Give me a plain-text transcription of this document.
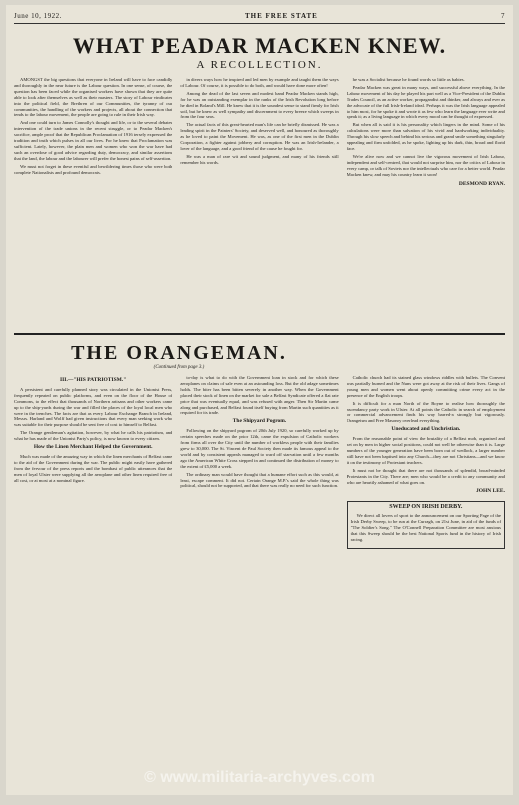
June 10, 1922.	THE FREE STATE	7
WHAT PEADAR MACKEN KNEW.
A RECOLLECTION.

AMONGST the big questions that everyone in Ireland will have to face candidly and thoroughly in the near future is the Labour question. In one sense, of course, the question has been faced while the organised workers have shown that they are quite able to look after themselves as well as their masters. The story of Labour vindicates into the political field, the Brethren of our Communities, the tyranny of our communities, the handling of the workers and projects, all about the connection that tends to the labour movement, the people are going to rule in their Irish way.

And one could turn to James Connolly's thought and life, or to the several debates intervention of the trade unions in the recent struggle, or to Peadar Macken's sacrifice, ample proof that the Republican Proclamation of 1916 tersely expressed the tradition and truth which pulses in all our lives. For he knew that Proclamation was sufficient. Lately, however, the plain men and women who won the war have had such an overdose of good advice regarding duty, democracy, and similar assertions that the land, the labour and the labourer will prefer the honest pains of self-assertion.

We must not forget in these eventful and bewildering times those who were both complete Nationalists and profound democrats.

in divers ways how he inspired and led men by example and taught them the ways of Labour. Of course, it is possible to do both, and would have done more often!

Among the dead of the last seven and modest band Peadar Macken stands high, for he was an outstanding exemplar in the ranks of the Irish Revolution long before he died in Boland's Mill. He knew that it is the soundest sense to stand firmly for Irish soil, but he knew as well sympathy and discernment to every breeze which sweeps in from the four seas.

The actual facts of this great-hearted man's life can be briefly dismissed. He was a leading spirit in the Painters' Society, and deserved well, and honoured as thoroughly as he loved to paint the Movement. He was, as one of the first men in the Dublin Corporation, a fighter against jobbery and corruption. He was an Irish-Irelander, a lover of the language, and a good friend of the cause he fought for.

He was a man of rare wit and sound judgment, and many of his friends still remember his words.

he was a Socialist because he found words so little as babies.

Peadar Macken was great in many ways, and successful above everything. In the Labour movement of his day he played his part well as a Vice-President of the Dublin Trades Council, as an active worker, propagandist and thinker, and always and ever as the advocate of the full Irish-Ireland ideal. Perhaps it was the Irish language appealed to him most, for he spoke it and wrote it as few who learn the language ever write and speak it; as a living language in which every mood can be thought of expressed.

But when all is said it is his personality which lingers in the mind. Some of his calculations were more than salvation of his vivid and hardworking individuality. Through his slow speech and behind his serious and grand smile something singularly appealing and firm unfolded, as he spoke, lighting up his dark, thin, broad and florid face.

We're alive now and we cannot live the vigorous movement of Irish Labour, independent and self-centred, that would not surprise him, nor the critics of Labour in every camp, or talk of Soviets nor the intellectuals who care for a better world. Peadar Macken knew, and may his country learn it soon!

DESMOND RYAN.
THE ORANGEMAN.
(Continued from page 3.)

III.—"HIS PATRIOTISM."

A persistent and carefully planned story was circulated in the Unionist Press, frequently repeated on public platforms, and even on the floor of the House of Commons, to the effect that thousands of Northern artisans and other workers came up to the ship-yards during the war and filled the places of the loyal local men who were in the trenches. The facts are that as every Labour Exchange Branch in Ireland, Messrs. Harland and Wolff had given instructions that every man seeking work who was suitable for their purpose should be sent free of cost to himself to Belfast.

The Orange gentleman's agitation, however, by what he calls his patriotism, and what he has made of the Unionist Party's policy, is now known to every citizen.

How the Linen Merchant Helped the Government.

Much was made of the amazing way in which the linen merchants of Belfast came to the aid of the Government during the war. The public might easily have gathered from the fervour of the press reports and the bombast of public utterances that the men of loyal Ulster were supplying all the aeroplane and other linen required free of all cost, or at most at a nominal figure.

to-day is what to do with the Government loan in stock and for which these aeroplanes on claims of sale even at an astounding loss. But the old adage sometimes holds. The biter has been bitten severely in another way. When the Government placed their stock of linen on the market for sale a Belfast Syndicate offered a flat rate price that was eventually equal, and was refused with anger. Then Sir Martin came along and purchased, and Belfast found itself buying from Martin such quantities as it required for its trade.

The Shipyard Pogrom.

Following on the shipyard pogrom of 20th July 1920, so carefully worked up by certain speeches made on the prior 12th, came the expulsion of Catholic workers from firms all over the City until the number of workless people with their families grew to 30,000. The St. Vincent de Paul Society then made its famous appeal to the world and by consistent appeals managed to ward off starvation until a few months ago the American White Cross stepped in and continued the distribution of money to the extent of £5,000 a week.

The ordinary man would have thought that a humane effort such as this would, at least, escape comment. It did not. Certain Orange M.P.'s said the whole thing was political, should not be supported, and that there was really no need for such function.

Catholic church had its stained glass windows riddles with bullets. The Convent was partially burned and the Nuns were got away at the risk of their lives. Gangs of young men and women went about openly committing crime every act in the presence of the English troops.

It is difficult for a man North of the Boyne to realise how thoroughly the ascendancy party work in Ulster. At all points the Catholic in search of employment or commercial advancement finds his way barred-a strongly but vigorously. Orangeism and Free Masonry overlead everything.

Uneducated and Unchristian.

From the reasonable point of view the brutality of a Belfast mob, organised and set on by men in higher social positions, could not well be otherwise than it is. Large numbers of the younger generation have been born out of wedlock, a larger number still have not been baptised into any Church—they are not Christians—and we know it on the testimony of Protestant teachers.

It must not be thought that there are not thousands of splendid, broad-minded Protestants in the City. There are; men who would be a credit to any community and who are heartily ashamed of what goes on.

JOHN LEE.
SWEEP ON IRISH DERBY.

We direct all lovers of sport to the announcement on our Sporting Page of the Irish Derby Sweep, to be run at the Curragh, on 21st June, in aid of the funds of "The Soldier's Song." The O'Connell Preparation Committee are most anxious that this Sweep should be the best National Sports fund in the history of Irish racing.

© www.militaria-archyves.com
